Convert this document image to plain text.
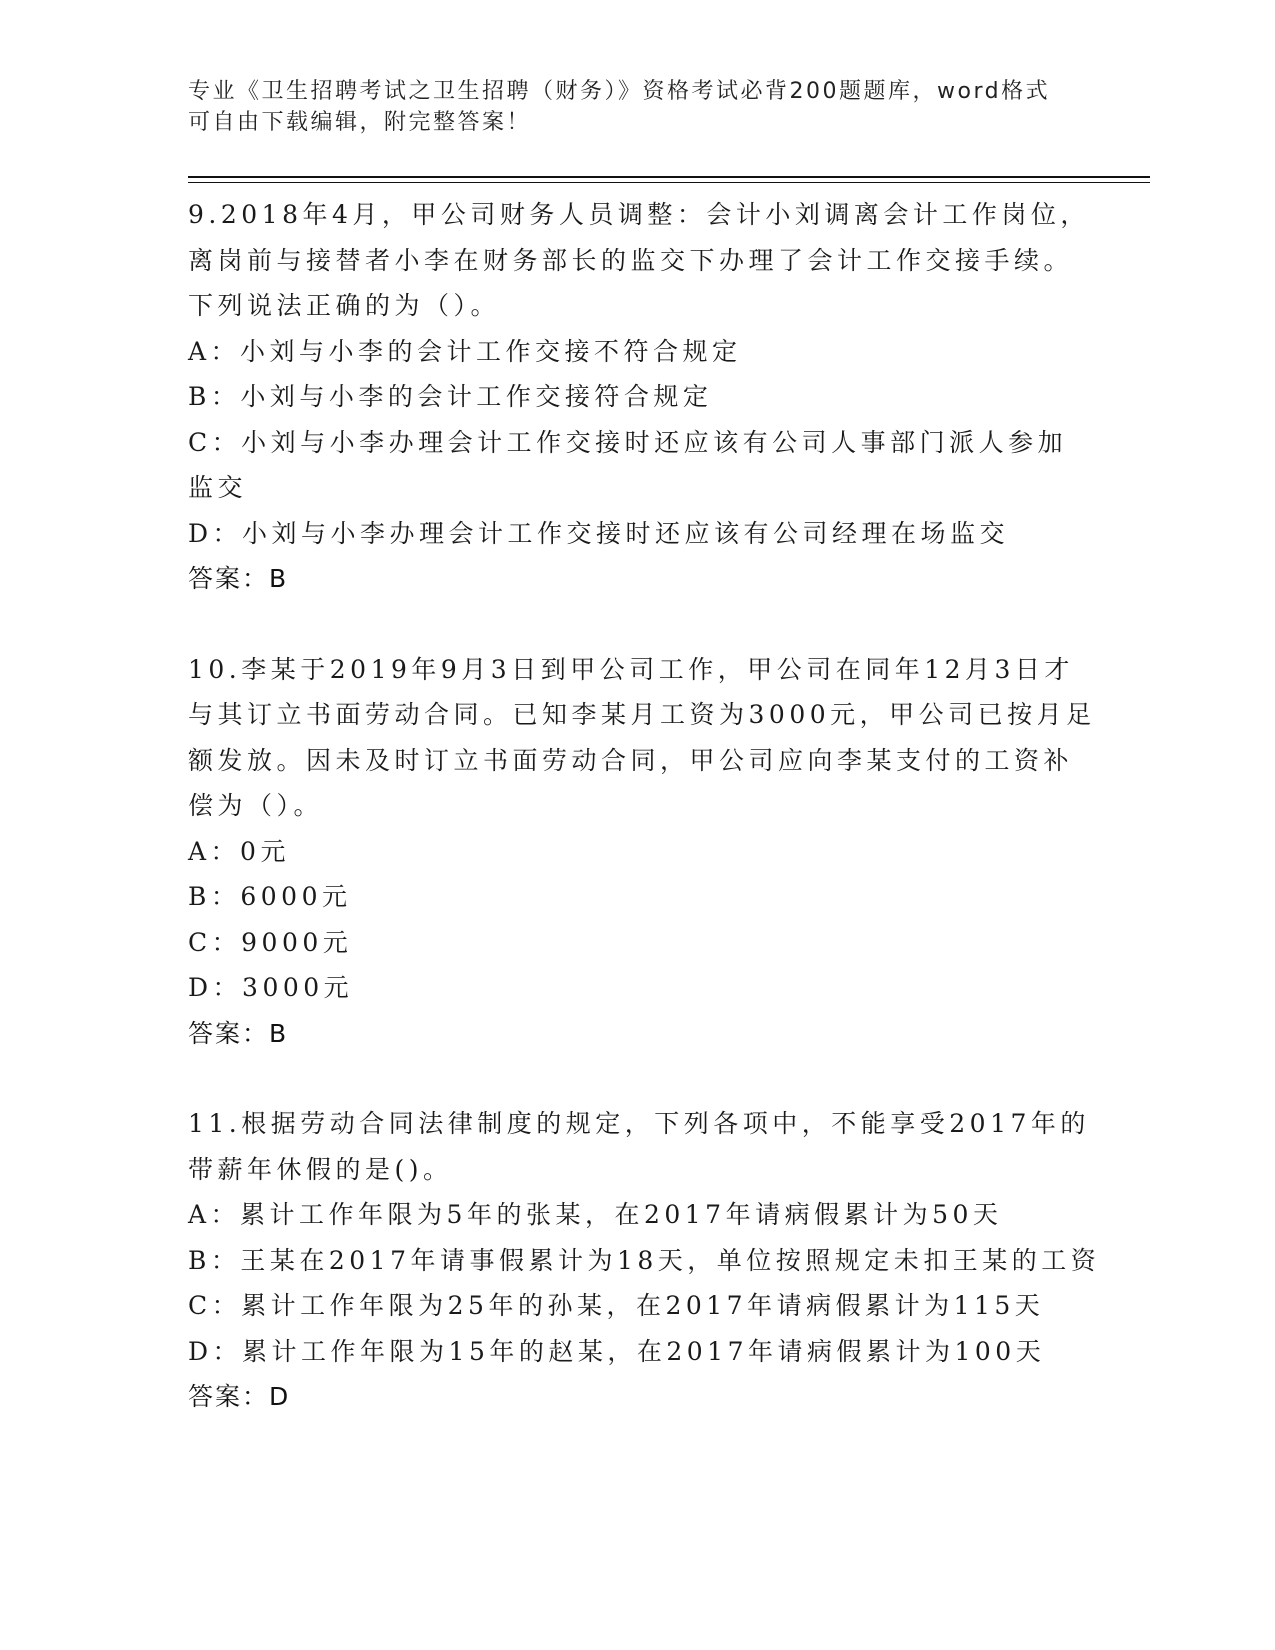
专业《卫生招聘考试之卫生招聘（财务）》资格考试必背200题题库，word格式
可自由下载编辑，附完整答案！
9.2018年4月，甲公司财务人员调整：会计小刘调离会计工作岗位，
离岗前与接替者小李在财务部长的监交下办理了会计工作交接手续。
下列说法正确的为（）。
A：小刘与小李的会计工作交接不符合规定
B：小刘与小李的会计工作交接符合规定
C：小刘与小李办理会计工作交接时还应该有公司人事部门派人参加监交
D：小刘与小李办理会计工作交接时还应该有公司经理在场监交
答案：B
10.李某于2019年9月3日到甲公司工作，甲公司在同年12月3日才
与其订立书面劳动合同。已知李某月工资为3000元，甲公司已按月足
额发放。因未及时订立书面劳动合同，甲公司应向李某支付的工资补
偿为（）。
A：0元
B：6000元
C：9000元
D：3000元
答案：B
11.根据劳动合同法律制度的规定，下列各项中，不能享受2017年的
带薪年休假的是()。
A：累计工作年限为5年的张某，在2017年请病假累计为50天
B：王某在2017年请事假累计为18天，单位按照规定未扣王某的工资
C：累计工作年限为25年的孙某，在2017年请病假累计为115天
D：累计工作年限为15年的赵某，在2017年请病假累计为100天
答案：D
